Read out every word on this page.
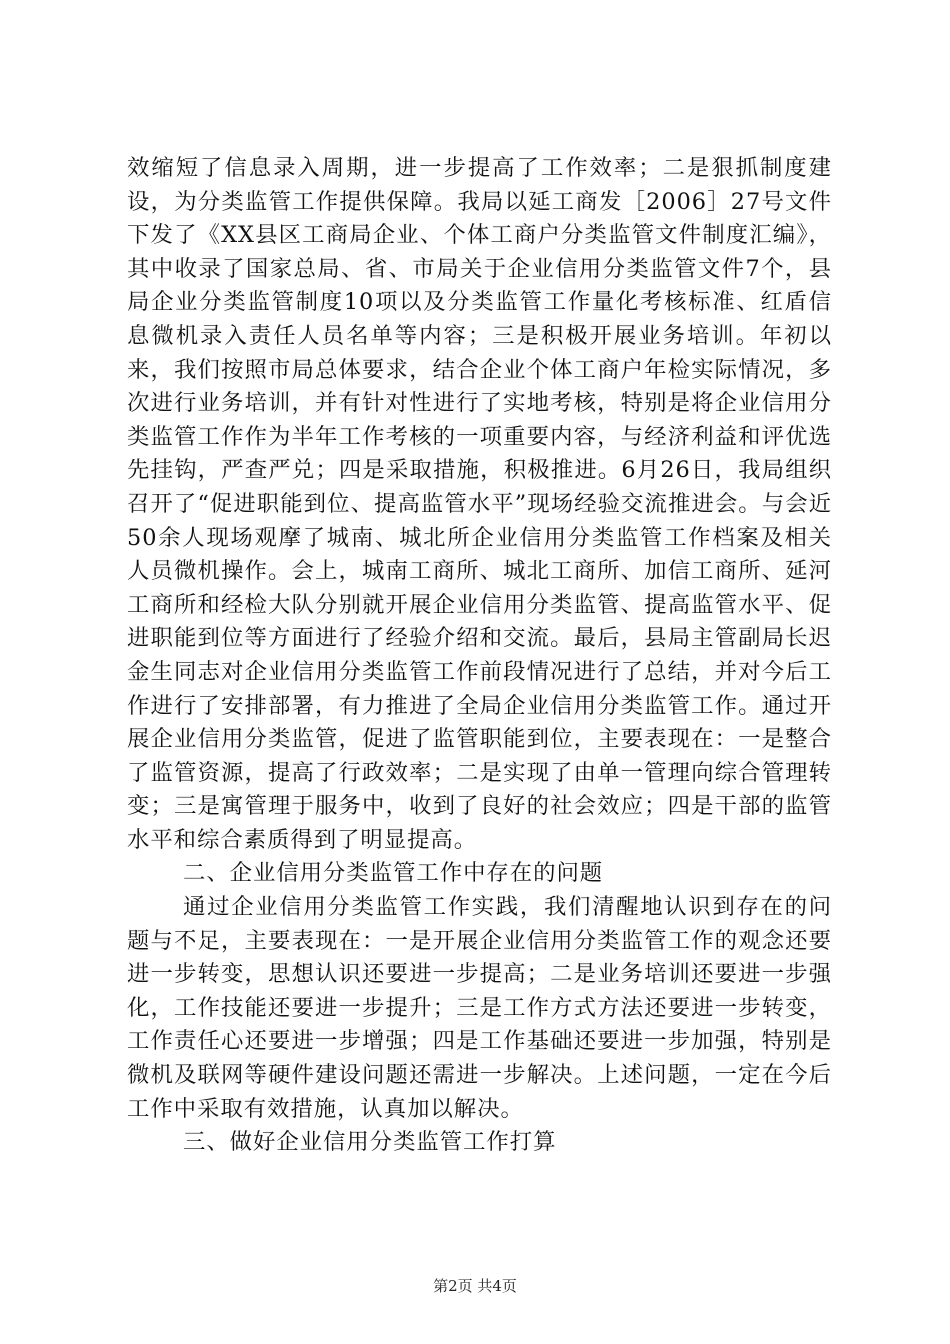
效缩短了信息录入周期，进一步提高了工作效率；二是狠抓制度建设，为分类监管工作提供保障。我局以延工商发［2006］27号文件下发了《XX县区工商局企业、个体工商户分类监管文件制度汇编》，其中收录了国家总局、省、市局关于企业信用分类监管文件7个，县局企业分类监管制度10项以及分类监管工作量化考核标准、红盾信息微机录入责任人员名单等内容；三是积极开展业务培训。年初以来，我们按照市局总体要求，结合企业个体工商户年检实际情况，多次进行业务培训，并有针对性进行了实地考核，特别是将企业信用分类监管工作作为半年工作考核的一项重要内容，与经济利益和评优选先挂钩，严查严兑；四是采取措施，积极推进。6月26日，我局组织召开了“促进职能到位、提高监管水平”现场经验交流推进会。与会近50余人现场观摩了城南、城北所企业信用分类监管工作档案及相关人员微机操作。会上，城南工商所、城北工商所、加信工商所、延河工商所和经检大队分别就开展企业信用分类监管、提高监管水平、促进职能到位等方面进行了经验介绍和交流。最后，县局主管副局长迟金生同志对企业信用分类监管工作前段情况进行了总结，并对今后工作进行了安排部署，有力推进了全局企业信用分类监管工作。通过开展企业信用分类监管，促进了监管职能到位，主要表现在：一是整合了监管资源，提高了行政效率；二是实现了由单一管理向综合管理转变；三是寓管理于服务中，收到了良好的社会效应；四是干部的监管水平和综合素质得到了明显提高。

二、企业信用分类监管工作中存在的问题

通过企业信用分类监管工作实践，我们清醒地认识到存在的问题与不足，主要表现在：一是开展企业信用分类监管工作的观念还要进一步转变，思想认识还要进一步提高；二是业务培训还要进一步强化，工作技能还要进一步提升；三是工作方式方法还要进一步转变，工作责任心还要进一步增强；四是工作基础还要进一步加强，特别是微机及联网等硬件建设问题还需进一步解决。上述问题，一定在今后工作中采取有效措施，认真加以解决。

三、做好企业信用分类监管工作打算

第2页 共4页
